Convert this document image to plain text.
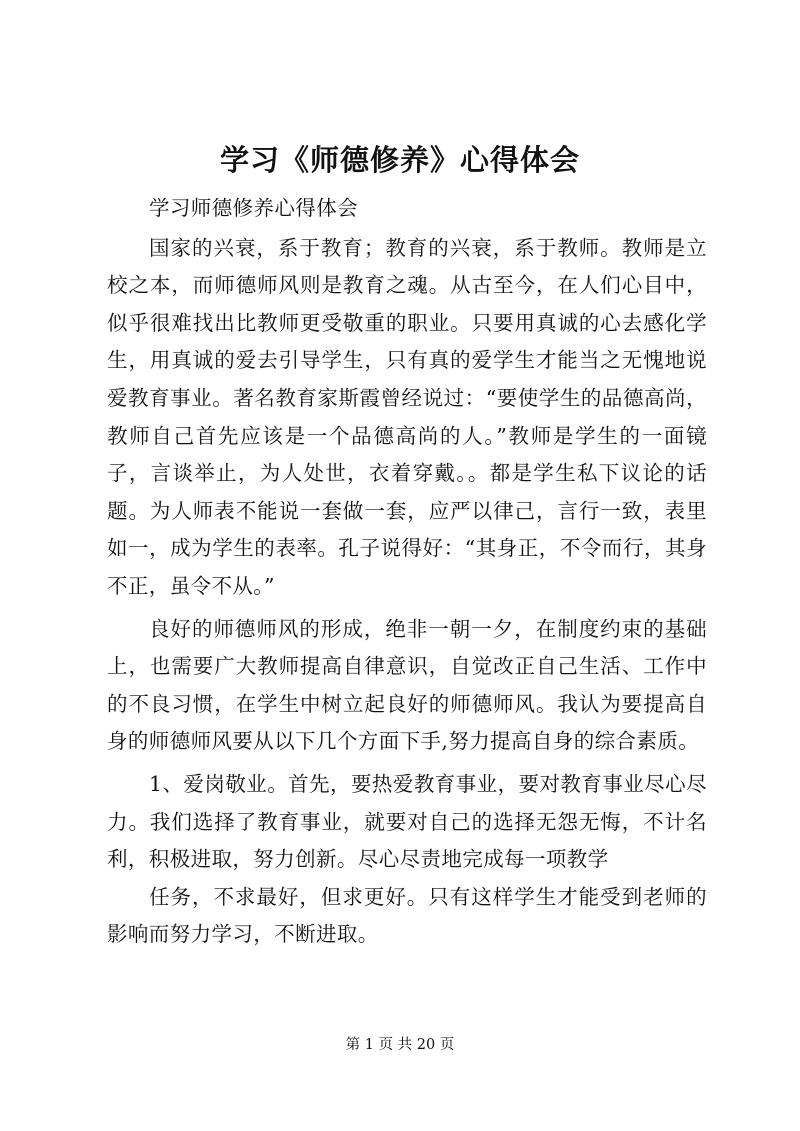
学习《师德修养》心得体会

学习师德修养心得体会

国家的兴衰，系于教育；教育的兴衰，系于教师。教师是立校之本，而师德师风则是教育之魂。从古至今，在人们心目中，似乎很难找出比教师更受敬重的职业。只要用真诚的心去感化学生，用真诚的爱去引导学生，只有真的爱学生才能当之无愧地说爱教育事业。著名教育家斯霞曾经说过：“要使学生的品德高尚，教师自己首先应该是一个品德高尚的人。”教师是学生的一面镜子，言谈举止，为人处世，衣着穿戴。。都是学生私下议论的话题。为人师表不能说一套做一套，应严以律己，言行一致，表里如一，成为学生的表率。孔子说得好：“其身正，不令而行，其身不正，虽令不从。”

良好的师德师风的形成，绝非一朝一夕，在制度约束的基础上，也需要广大教师提高自律意识，自觉改正自己生活、工作中的不良习惯，在学生中树立起良好的师德师风。我认为要提高自身的师德师风要从以下几个方面下手,努力提高自身的综合素质。

1、爱岗敬业。首先，要热爱教育事业，要对教育事业尽心尽力。我们选择了教育事业，就要对自己的选择无怨无悔，不计名利，积极进取，努力创新。尽心尽责地完成每一项教学

任务，不求最好，但求更好。只有这样学生才能受到老师的影响而努力学习，不断进取。

第 1 页 共 20 页
